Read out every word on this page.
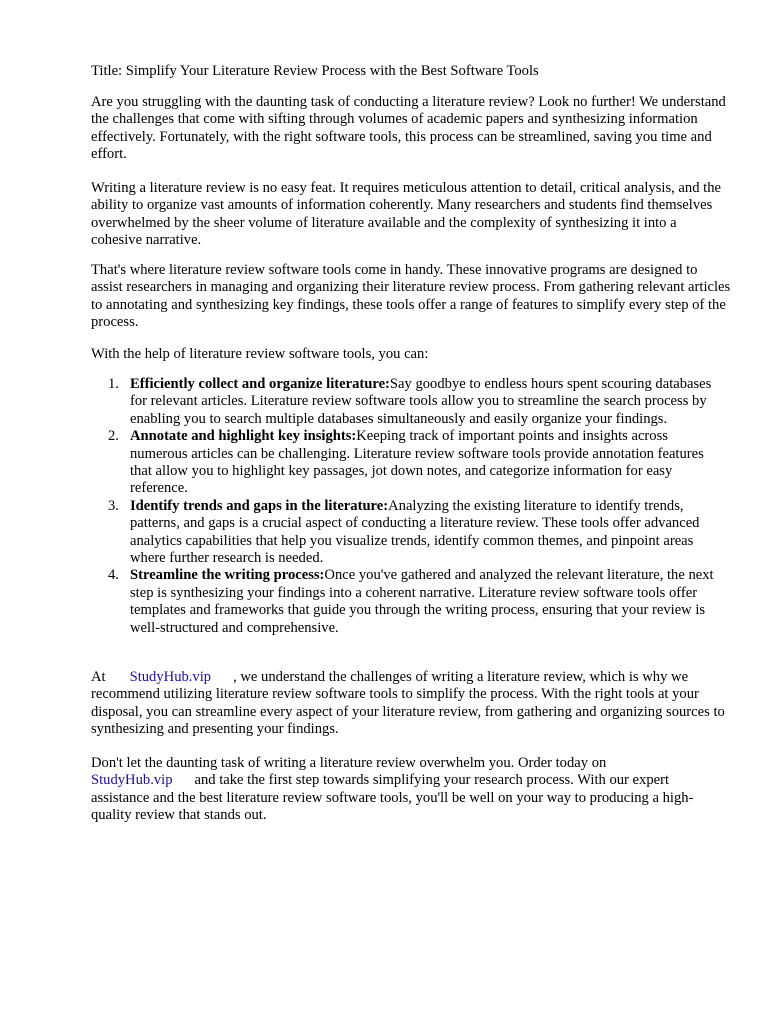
Title: Simplify Your Literature Review Process with the Best Software Tools

Are you struggling with the daunting task of conducting a literature review? Look no further! We understand the challenges that come with sifting through volumes of academic papers and synthesizing information effectively. Fortunately, with the right software tools, this process can be streamlined, saving you time and effort.

Writing a literature review is no easy feat. It requires meticulous attention to detail, critical analysis, and the ability to organize vast amounts of information coherently. Many researchers and students find themselves overwhelmed by the sheer volume of literature available and the complexity of synthesizing it into a cohesive narrative.

That's where literature review software tools come in handy. These innovative programs are designed to assist researchers in managing and organizing their literature review process. From gathering relevant articles to annotating and synthesizing key findings, these tools offer a range of features to simplify every step of the process.

With the help of literature review software tools, you can:

1. Efficiently collect and organize literature:Say goodbye to endless hours spent scouring databases for relevant articles. Literature review software tools allow you to streamline the search process by enabling you to search multiple databases simultaneously and easily organize your findings.
2. Annotate and highlight key insights:Keeping track of important points and insights across numerous articles can be challenging. Literature review software tools provide annotation features that allow you to highlight key passages, jot down notes, and categorize information for easy reference.
3. Identify trends and gaps in the literature:Analyzing the existing literature to identify trends, patterns, and gaps is a crucial aspect of conducting a literature review. These tools offer advanced analytics capabilities that help you visualize trends, identify common themes, and pinpoint areas where further research is needed.
4. Streamline the writing process:Once you've gathered and analyzed the relevant literature, the next step is synthesizing your findings into a coherent narrative. Literature review software tools offer templates and frameworks that guide you through the writing process, ensuring that your review is well-structured and comprehensive.

At StudyHub.vip , we understand the challenges of writing a literature review, which is why we recommend utilizing literature review software tools to simplify the process. With the right tools at your disposal, you can streamline every aspect of your literature review, from gathering and organizing sources to synthesizing and presenting your findings.

Don't let the daunting task of writing a literature review overwhelm you. Order today on StudyHub.vip and take the first step towards simplifying your research process. With our expert assistance and the best literature review software tools, you'll be well on your way to producing a high-quality review that stands out.
